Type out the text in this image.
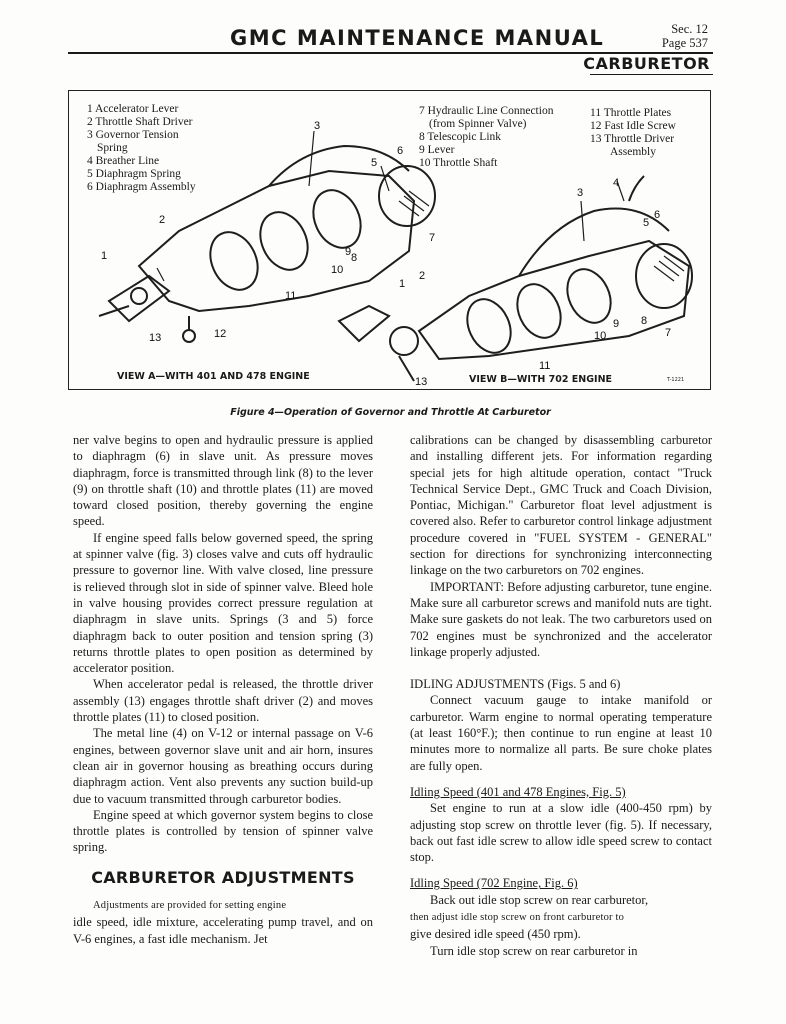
GMC MAINTENANCE MANUAL	Sec. 12
Page 537
CARBURETOR
1
2
3
5
6
7
8
9
10
11
12
13
1
2
3
4
5
6
7
8
9
10
11
13
1 Accelerator Lever
2 Throttle Shaft Driver
3 Governor Tension
Spring
4 Breather Line
5 Diaphragm Spring
6 Diaphragm Assembly
7 Hydraulic Line Connection
(from Spinner Valve)
8 Telescopic Link
9 Lever
10 Throttle Shaft
11 Throttle Plates
12 Fast Idle Screw
13 Throttle Driver
Assembly
VIEW A—WITH 401 AND 478 ENGINE	VIEW B—WITH 702 ENGINE	T-1221
Figure 4—Operation of Governor and Throttle At Carburetor

ner valve begins to open and hydraulic pressure is applied to diaphragm (6) in slave unit. As pressure moves diaphragm, force is transmitted through link (8) to the lever (9) on throttle shaft (10) and throttle plates (11) are moved toward closed position, thereby governing the engine speed.

If engine speed falls below governed speed, the spring at spinner valve (fig. 3) closes valve and cuts off hydraulic pressure to governor line. With valve closed, line pressure is relieved through slot in side of spinner valve. Bleed hole in valve housing provides correct pressure regulation at diaphragm in slave units. Springs (3 and 5) force diaphragm back to outer position and tension spring (3) returns throttle plates to open position as determined by accelerator position.

When accelerator pedal is released, the throttle driver assembly (13) engages throttle shaft driver (2) and moves throttle plates (11) to closed position.

The metal line (4) on V-12 or internal passage on V-6 engines, between governor slave unit and air horn, insures clean air in governor housing as breathing occurs during diaphragm action. Vent also prevents any suction build-up due to vacuum transmitted through carburetor bodies.

Engine speed at which governor system begins to close throttle plates is controlled by tension of spinner valve spring.

CARBURETOR ADJUSTMENTS

Adjustments are provided for setting engine

idle speed, idle mixture, accelerating pump travel, and on V-6 engines, a fast idle mechanism. Jet

calibrations can be changed by disassembling carburetor and installing different jets. For information regarding special jets for high altitude operation, contact "Truck Technical Service Dept., GMC Truck and Coach Division, Pontiac, Michigan." Carburetor float level adjustment is covered also. Refer to carburetor control linkage adjustment procedure covered in "FUEL SYSTEM - GENERAL" section for directions for synchronizing interconnecting linkage on the two carburetors on 702 engines.

IMPORTANT: Before adjusting carburetor, tune engine. Make sure all carburetor screws and manifold nuts are tight. Make sure gaskets do not leak. The two carburetors used on 702 engines must be synchronized and the accelerator linkage properly adjusted.

IDLING ADJUSTMENTS (Figs. 5 and 6)

Connect vacuum gauge to intake manifold or carburetor. Warm engine to normal operating temperature (at least 160°F.); then continue to run engine at least 10 minutes more to normalize all parts. Be sure choke plates are fully open.

Idling Speed (401 and 478 Engines, Fig. 5)

Set engine to run at a slow idle (400-450 rpm) by adjusting stop screw on throttle lever (fig. 5). If necessary, back out fast idle screw to allow idle speed screw to contact stop.

Idling Speed (702 Engine, Fig. 6)

Back out idle stop screw on rear carburetor,

then adjust idle stop screw on front carburetor to

give desired idle speed (450 rpm).

Turn idle stop screw on rear carburetor in
